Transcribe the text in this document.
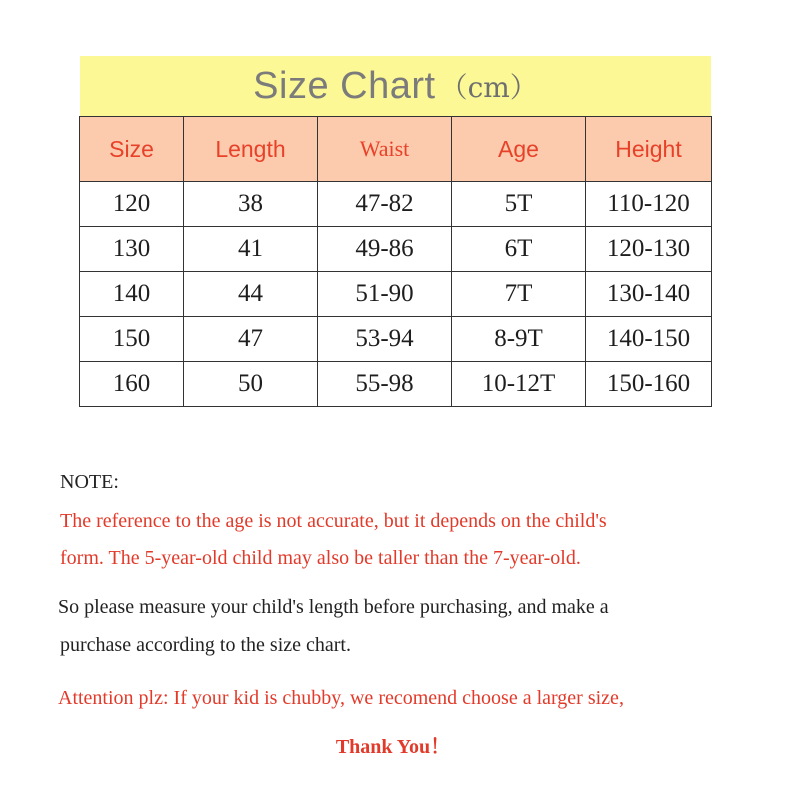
Size Chart （cm）
Size	Length	Waist	Age	Height
120	38	47-82	5T	110-120
130	41	49-86	6T	120-130
140	44	51-90	7T	130-140
150	47	53-94	8-9T	140-150
160	50	55-98	10-12T	150-160
NOTE:
The reference to the age is not accurate, but it depends on the child's
form. The 5-year-old child may also be taller than the 7-year-old.
So please measure your child's length before purchasing, and make a
purchase according to the size chart.
Attention plz: If your kid is chubby, we recomend choose a larger size,
Thank You！
